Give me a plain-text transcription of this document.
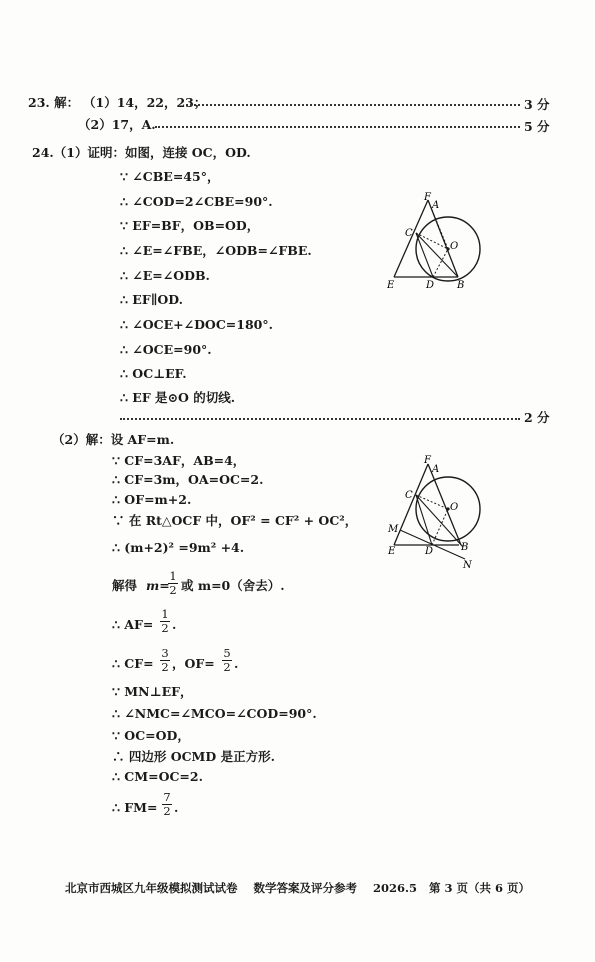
23. 解： （1）14，22，23；	3 分
（2）17，A.	5 分
24.（1）证明：如图，连接 OC，OD.
∵ ∠CBE=45°，
∴ ∠COD=2∠CBE=90°.
∵ EF=BF，OB=OD，
∴ ∠E=∠FBE，∠ODB=∠FBE.
∴ ∠E=∠ODB.
∴ EF∥OD.
∴ ∠OCE+∠DOC=180°.
∴ ∠OCE=90°.
∴ OC⊥EF.
∴ EF 是⊙O 的切线.
2 分
F
A
C
O
E	D B
（2）解：设 AF=m.
∵ CF=3AF，AB=4，
∴ CF=3m，OA=OC=2.
∴ OF=m+2.
∵ 在 Rt△OCF 中，OF² = CF² + OC²，
∴ (m+2)² =9m² +4.
解得 m=
1
2 或 m=0（舍去）.
∴ AF=
1
2 .
∴ CF=
3
2 ，OF=
5
2 .
∵ MN⊥EF，
∴ ∠NMC=∠MCO=∠COD=90°.
∵ OC=OD，
∴ 四边形 OCMD 是正方形.
∴ CM=OC=2.
∴ FM=
7
2 .
F
A
C
O
M
E	D	B
N
北京市西城区九年级模拟测试试卷    数学答案及评分参考    2026.5   第 3 页（共 6 页）
